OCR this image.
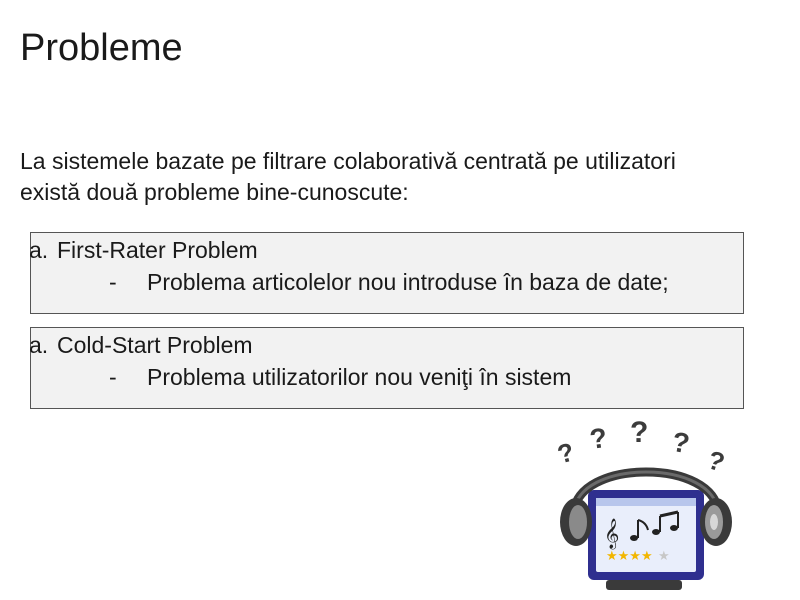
Probleme
La sistemele bazate pe filtrare colaborativă centrată pe utilizatori
există două probleme bine-cunoscute:
a. First-Rater Problem
- Problema articolelor nou introduse în baza de date;
a. Cold-Start Problem
- Problema utilizatorilor nou veniţi în sistem
? ? ? ?
?
𝄞
★★★★ ★
